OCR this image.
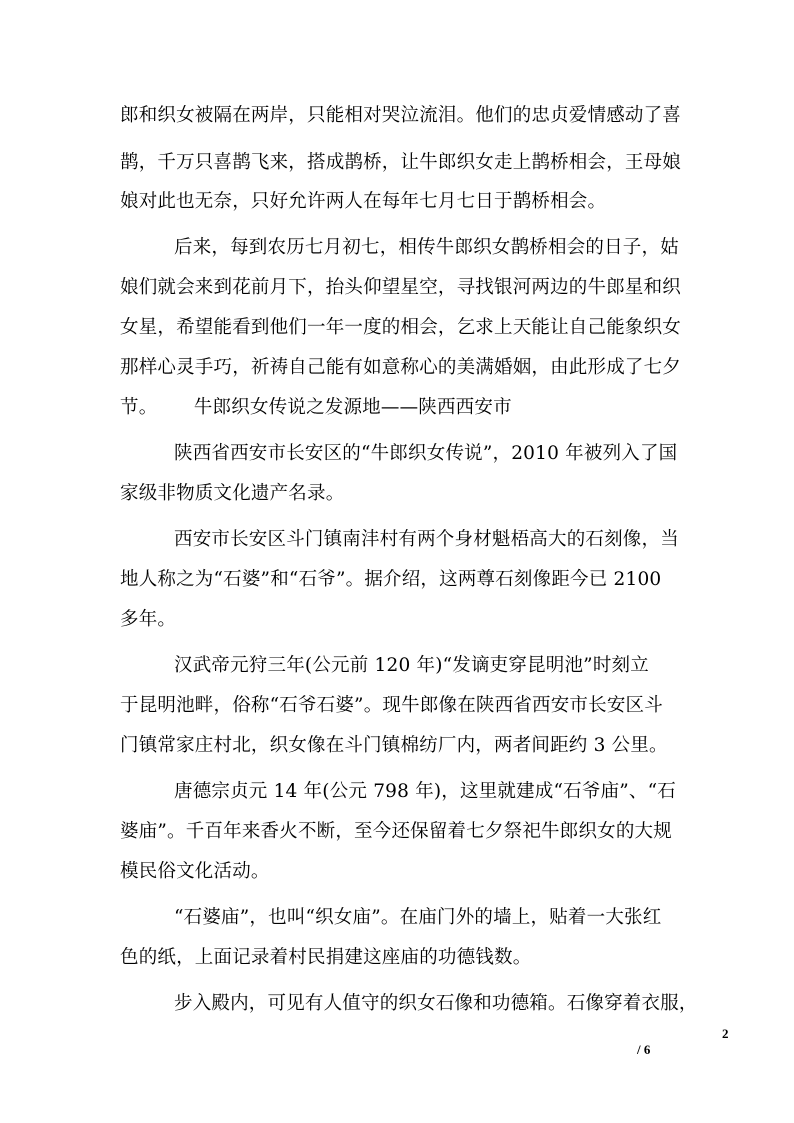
郎和织女被隔在两岸，只能相对哭泣流泪。他们的忠贞爱情感动了喜
鹊，千万只喜鹊飞来，搭成鹊桥，让牛郎织女走上鹊桥相会，王母娘
娘对此也无奈，只好允许两人在每年七月七日于鹊桥相会。
后来，每到农历七月初七，相传牛郎织女鹊桥相会的日子，姑
娘们就会来到花前月下，抬头仰望星空，寻找银河两边的牛郎星和织
女星，希望能看到他们一年一度的相会，乞求上天能让自己能象织女
那样心灵手巧，祈祷自己能有如意称心的美满婚姻，由此形成了七夕
节。      牛郎织女传说之发源地——陕西西安市
陕西省西安市长安区的“牛郎织女传说”，2010 年被列入了国
家级非物质文化遗产名录。
西安市长安区斗门镇南沣村有两个身材魁梧高大的石刻像，当
地人称之为“石婆”和“石爷”。据介绍，这两尊石刻像距今已 2100
多年。
汉武帝元狩三年(公元前 120 年)“发谪吏穿昆明池”时刻立
于昆明池畔，俗称“石爷石婆”。现牛郎像在陕西省西安市长安区斗
门镇常家庄村北，织女像在斗门镇棉纺厂内，两者间距约 3 公里。
唐德宗贞元 14 年(公元 798 年)，这里就建成“石爷庙”、“石
婆庙”。千百年来香火不断，至今还保留着七夕祭祀牛郎织女的大规
模民俗文化活动。
“石婆庙”，也叫“织女庙”。在庙门外的墙上，贴着一大张红
色的纸，上面记录着村民捐建这座庙的功德钱数。
步入殿内，可见有人值守的织女石像和功德箱。石像穿着衣服，
2
/ 6
